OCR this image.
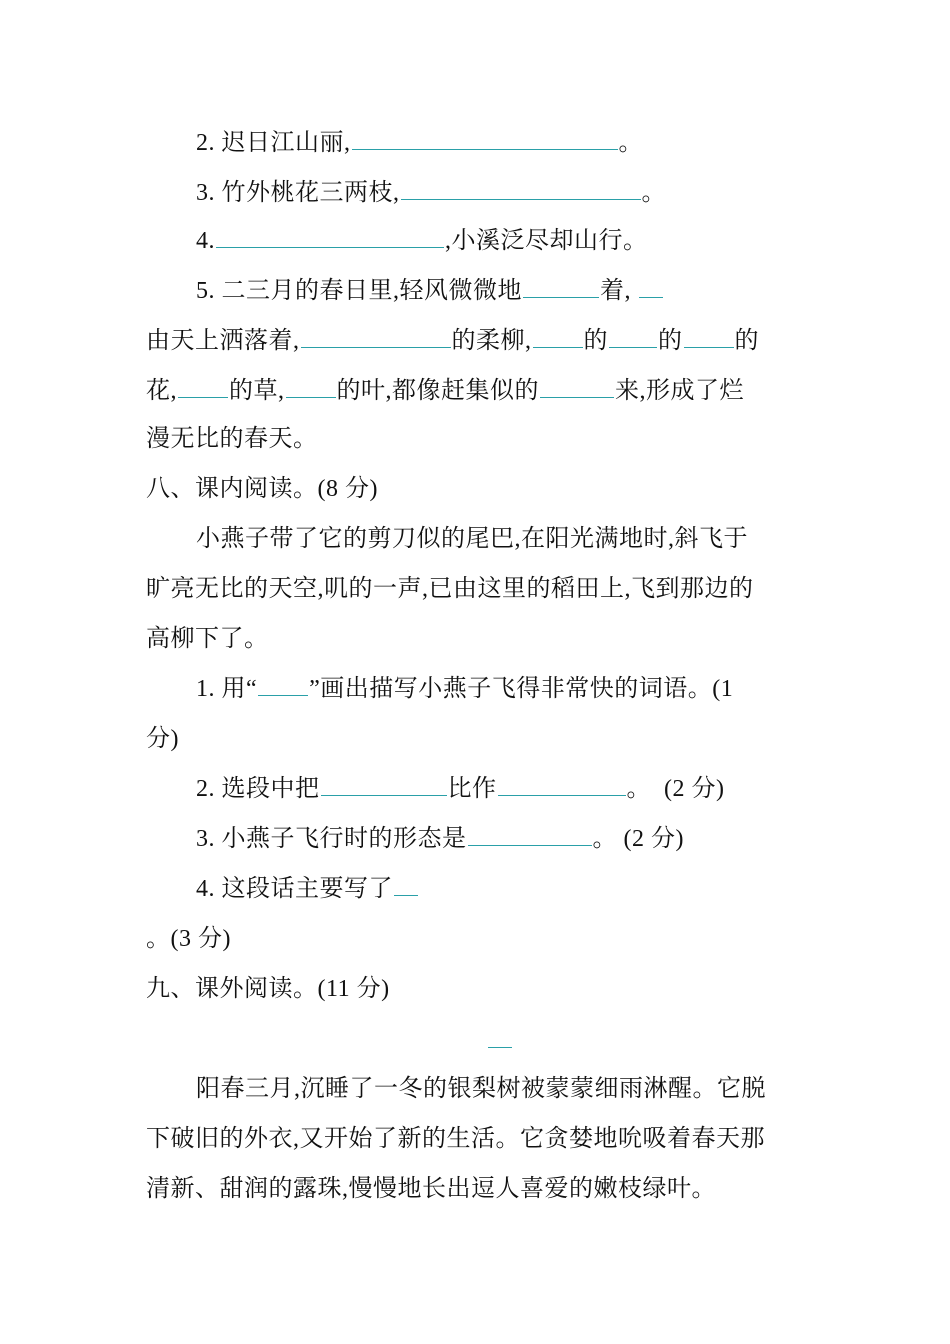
2. 迟日江山丽,	。
3. 竹外桃花三两枝,	。
4.	,小溪泛尽却山行。
5. 二三月的春日里,轻风微微地	着,
由天上洒落着,	的柔柳, 的 的 的
花, 的草, 的叶,都像赶集似的	来,形成了烂
漫无比的春天。
八、课内阅读。(8 分)
小燕子带了它的剪刀似的尾巴,在阳光满地时,斜飞于
旷亮无比的天空,叽的一声,已由这里的稻田上,飞到那边的
高柳下了。
1. 用“ ”画出描写小燕子飞得非常快的词语。(1
分)
2. 选段中把	比作	。  (2 分)
3. 小燕子飞行时的形态是	。 (2 分)
4. 这段话主要写了
。(3 分)
九、课外阅读。(11 分)
阳春三月,沉睡了一冬的银梨树被蒙蒙细雨淋醒。它脱
下破旧的外衣,又开始了新的生活。它贪婪地吮吸着春天那
清新、甜润的露珠,慢慢地长出逗人喜爱的嫩枝绿叶。
